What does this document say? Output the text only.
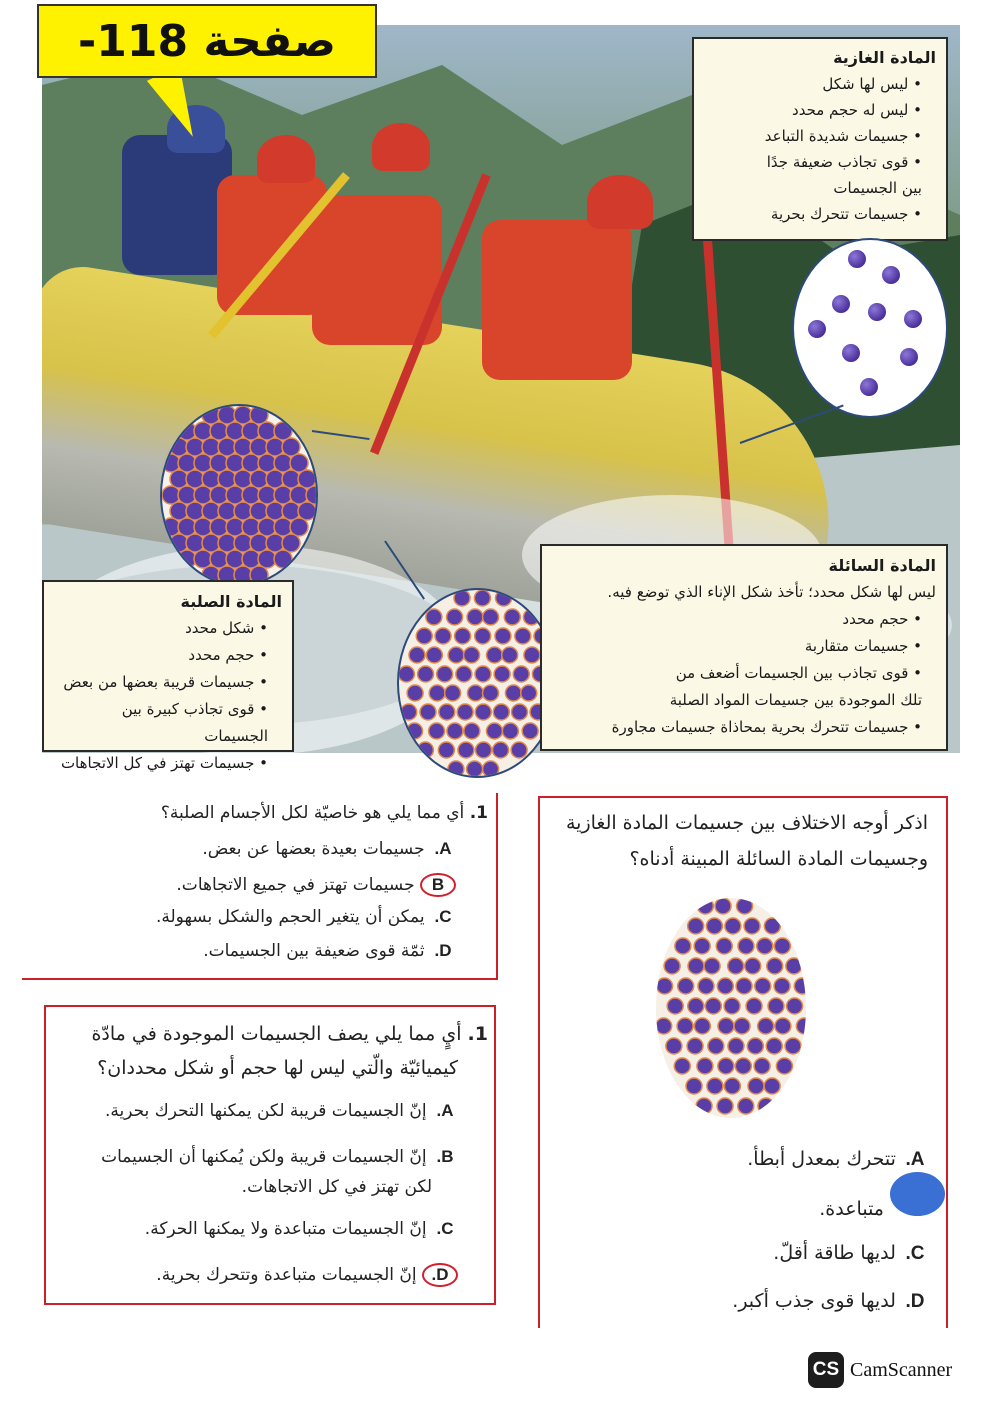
صفحة 118-	المادة الغازية
• ليس لها شكل
• ليس له حجم محدد
• جسيمات شديدة التباعد
• قوى تجاذب ضعيفة جدًا
بين الجسيمات
• جسيمات تتحرك بحرية
المادة الصلبة
• شكل محدد
• حجم محدد
• جسيمات قريبة بعضها من بعض
• قوى تجاذب كبيرة بين الجسيمات
• جسيمات تهتز في كل الاتجاهات
المادة السائلة

ليس لها شكل محدد؛ تأخذ شكل الإناء الذي توضع فيه.

• حجم محدد
• جسيمات متقاربة
• قوى تجاذب بين الجسيمات أضعف من
تلك الموجودة بين جسيمات المواد الصلبة
• جسيمات تتحرك بحرية بمحاذاة جسيمات مجاورة
1. أي مما يلي هو خاصيّة لكل الأجسام الصلبة؟
A. جسيمات بعيدة بعضها عن بعض.
B جسيمات تهتز في جميع الاتجاهات.
C. يمكن أن يتغير الحجم والشكل بسهولة.
D. ثمّة قوى ضعيفة بين الجسيمات.
1. أيٍ مما يلي يصف الجسيمات الموجودة في مادّة
كيميائيّة والّتي ليس لها حجم أو شكل محددان؟
A. إنّ الجسيمات قريبة لكن يمكنها التحرك بحرية.
B. إنّ الجسيمات قريبة ولكن يُمكنها أن الجسيمات
لكن تهتز في كل الاتجاهات.
C. إنّ الجسيمات متباعدة ولا يمكنها الحركة.
D. إنّ الجسيمات متباعدة وتتحرك بحرية.
اذكر أوجه الاختلاف بين جسيمات المادة الغازية
وجسيمات المادة السائلة المبينة أدناه؟
A. تتحرك بمعدل أبطأ.
متباعدة.
C. لديها طاقة أقلّ.
D. لديها قوى جذب أكبر.
CS CamScanner
